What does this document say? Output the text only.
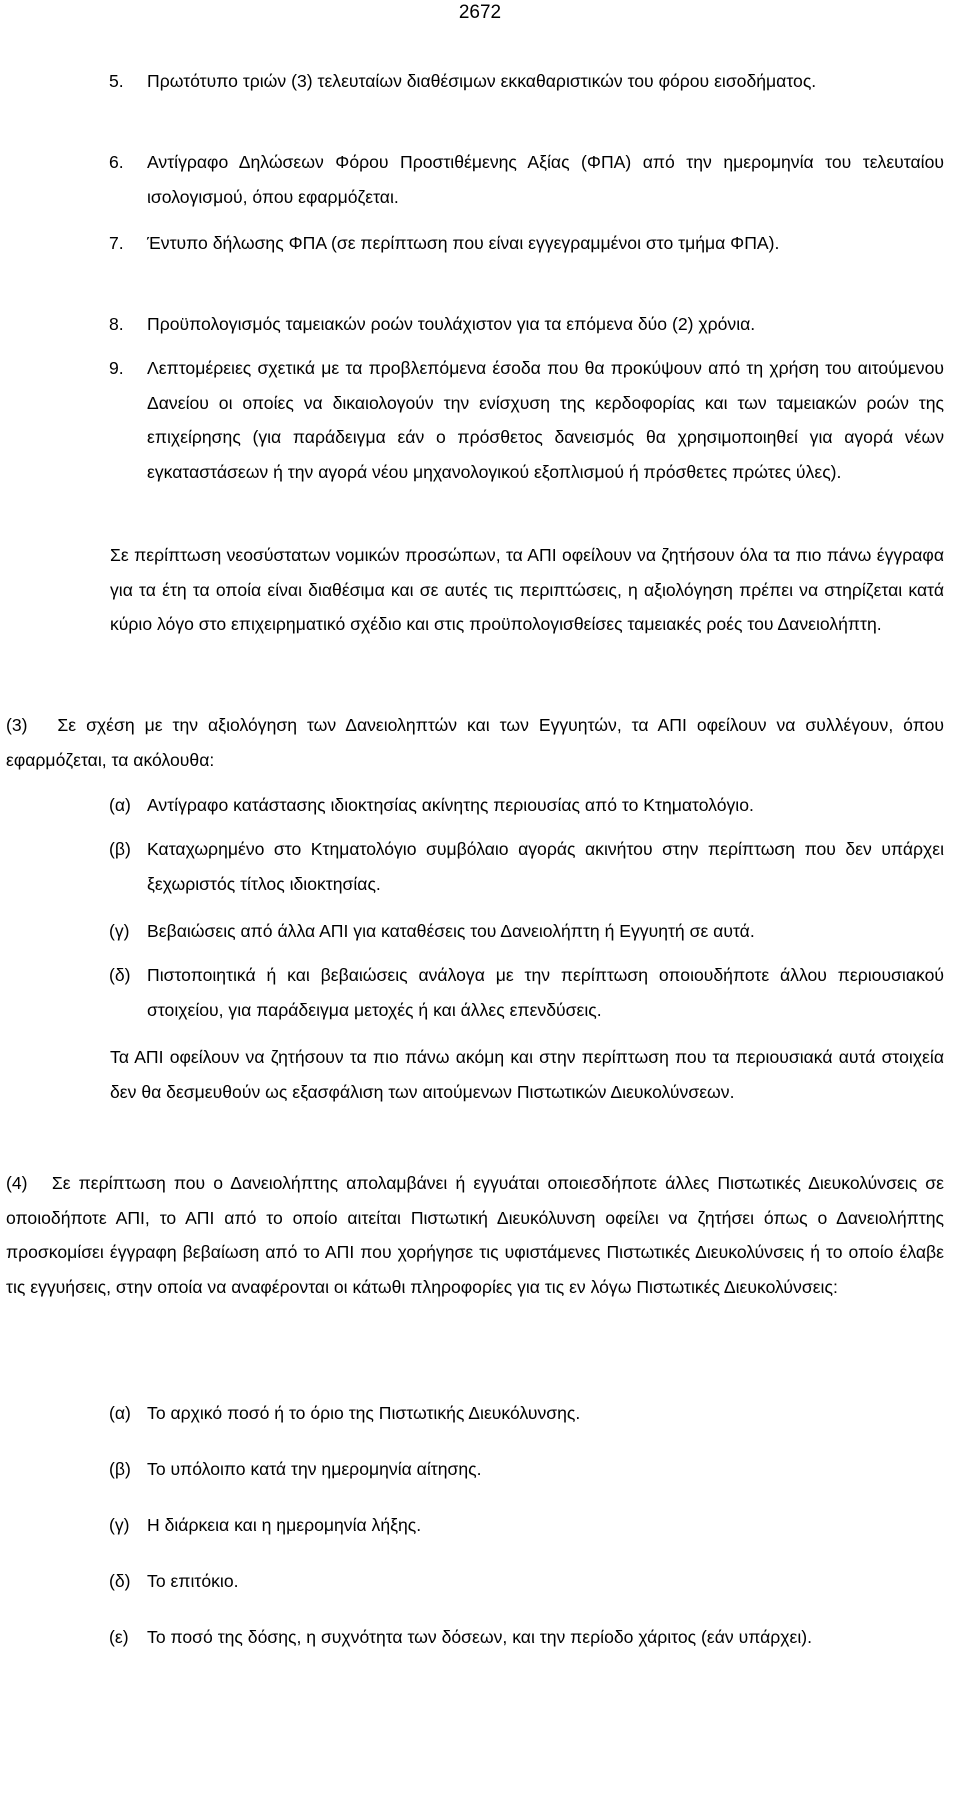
2672
5. Πρωτότυπο τριών (3) τελευταίων διαθέσιμων εκκαθαριστικών του φόρου εισοδήματος.
6. Αντίγραφο Δηλώσεων Φόρου Προστιθέμενης Αξίας (ΦΠΑ) από την ημερομηνία του τελευταίου ισολογισμού, όπου εφαρμόζεται.
7. Έντυπο δήλωσης ΦΠΑ (σε περίπτωση που είναι εγγεγραμμένοι στο τμήμα ΦΠΑ).
8. Προϋπολογισμός ταμειακών ροών τουλάχιστον για τα επόμενα δύο (2) χρόνια.
9. Λεπτομέρειες σχετικά με τα προβλεπόμενα έσοδα που θα προκύψουν από τη χρήση του αιτούμενου Δανείου οι οποίες να δικαιολογούν την ενίσχυση της κερδοφορίας και των ταμειακών ροών της επιχείρησης (για παράδειγμα εάν ο πρόσθετος δανεισμός θα χρησιμοποιηθεί για αγορά νέων εγκαταστάσεων ή την αγορά νέου μηχανολογικού εξοπλισμού ή πρόσθετες πρώτες ύλες).
Σε περίπτωση νεοσύστατων νομικών προσώπων, τα ΑΠΙ οφείλουν να ζητήσουν όλα τα πιο πάνω έγγραφα για τα έτη τα οποία είναι διαθέσιμα και σε αυτές τις περιπτώσεις, η αξιολόγηση πρέπει να στηρίζεται κατά κύριο λόγο στο επιχειρηματικό σχέδιο και στις προϋπολογισθείσες ταμειακές ροές του Δανειολήπτη.
(3)   Σε σχέση με την αξιολόγηση των Δανειοληπτών και των Εγγυητών, τα ΑΠΙ οφείλουν να συλλέγουν, όπου εφαρμόζεται, τα ακόλουθα:
(α) Αντίγραφο κατάστασης ιδιοκτησίας ακίνητης περιουσίας από το Κτηματολόγιο.
(β) Καταχωρημένο στο Κτηματολόγιο συμβόλαιο αγοράς ακινήτου στην περίπτωση που δεν υπάρχει ξεχωριστός τίτλος ιδιοκτησίας.
(γ) Βεβαιώσεις από άλλα ΑΠΙ για καταθέσεις του Δανειολήπτη ή Εγγυητή σε αυτά.
(δ) Πιστοποιητικά ή και βεβαιώσεις ανάλογα με την περίπτωση οποιουδήποτε άλλου περιουσιακού στοιχείου, για παράδειγμα μετοχές ή και άλλες επενδύσεις.
Τα ΑΠΙ οφείλουν να ζητήσουν τα πιο πάνω ακόμη και στην περίπτωση που τα περιουσιακά αυτά στοιχεία δεν θα δεσμευθούν ως εξασφάλιση των αιτούμενων Πιστωτικών Διευκολύνσεων.
(4)   Σε περίπτωση που ο Δανειολήπτης απολαμβάνει ή εγγυάται οποιεσδήποτε άλλες Πιστωτικές Διευκολύνσεις σε οποιοδήποτε ΑΠΙ, το ΑΠΙ από το οποίο αιτείται Πιστωτική Διευκόλυνση οφείλει να ζητήσει όπως ο Δανειολήπτης προσκομίσει έγγραφη βεβαίωση από το ΑΠΙ που χορήγησε τις υφιστάμενες Πιστωτικές Διευκολύνσεις ή το οποίο έλαβε τις εγγυήσεις, στην οποία να αναφέρονται οι κάτωθι πληροφορίες για τις εν λόγω Πιστωτικές Διευκολύνσεις:
(α) Το αρχικό ποσό ή το όριο της Πιστωτικής Διευκόλυνσης.
(β) Το υπόλοιπο κατά την ημερομηνία αίτησης.
(γ) Η διάρκεια και η ημερομηνία λήξης.
(δ) Το επιτόκιο.
(ε) Το ποσό της δόσης, η συχνότητα των δόσεων, και την περίοδο χάριτος (εάν υπάρχει).
